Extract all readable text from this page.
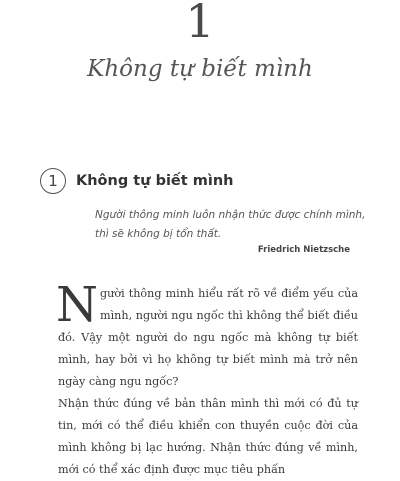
1
Không tự biết mình
1	Không tự biết mình
Người thông minh luôn nhận thức được chính mình, thì sẽ không bị tổn thất.
Friedrich Nietzsche

Người thông minh hiểu rất rõ về điểm yếu của mình, người ngu ngốc thì không thể biết điều đó. Vậy một người do ngu ngốc mà không tự biết mình, hay bởi vì họ không tự biết mình mà trở nên ngày càng ngu ngốc?

Nhận thức đúng về bản thân mình thì mới có đủ tự tin, mới có thể điều khiển con thuyền cuộc đời của mình không bị lạc hướng. Nhận thức đúng về mình, mới có thể xác định được mục tiêu phấn
